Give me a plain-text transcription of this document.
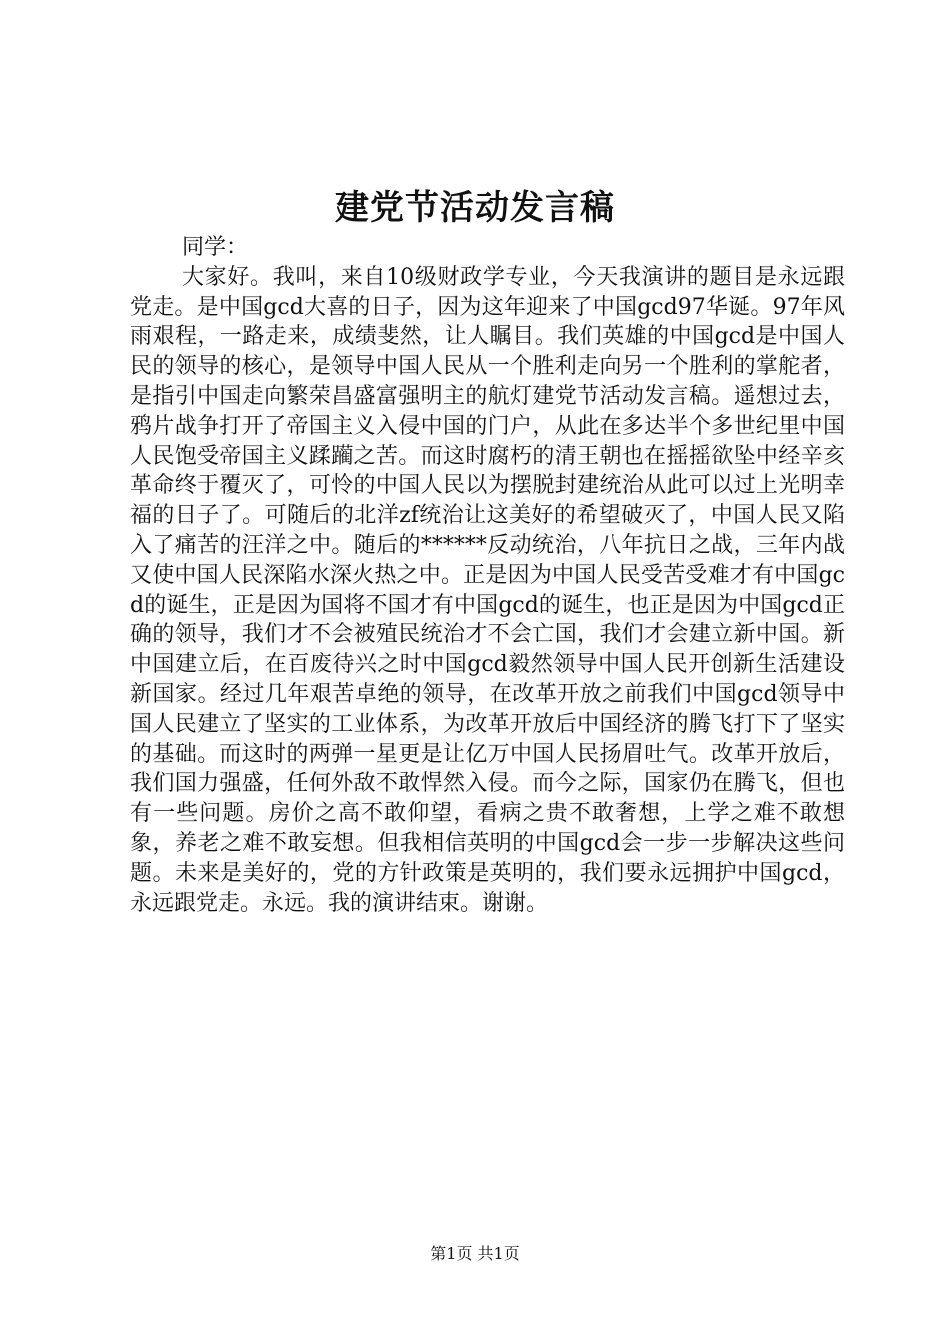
建党节活动发言稿

同学：

大家好。我叫，来自10级财政学专业，今天我演讲的题目是永远跟党走。是中国gcd大喜的日子，因为这年迎来了中国gcd97华诞。97年风雨艰程，一路走来，成绩斐然，让人瞩目。我们英雄的中国gcd是中国人民的领导的核心，是领导中国人民从一个胜利走向另一个胜利的掌舵者，是指引中国走向繁荣昌盛富强明主的航灯建党节活动发言稿。遥想过去，鸦片战争打开了帝国主义入侵中国的门户，从此在多达半个多世纪里中国人民饱受帝国主义蹂躏之苦。而这时腐朽的清王朝也在摇摇欲坠中经辛亥革命终于覆灭了，可怜的中国人民以为摆脱封建统治从此可以过上光明幸福的日子了。可随后的北洋zf统治让这美好的希望破灭了，中国人民又陷入了痛苦的汪洋之中。随后的******反动统治，八年抗日之战，三年内战又使中国人民深陷水深火热之中。正是因为中国人民受苦受难才有中国gcd的诞生，正是因为国将不国才有中国gcd的诞生，也正是因为中国gcd正确的领导，我们才不会被殖民统治才不会亡国，我们才会建立新中国。新中国建立后，在百废待兴之时中国gcd毅然领导中国人民开创新生活建设新国家。经过几年艰苦卓绝的领导，在改革开放之前我们中国gcd领导中国人民建立了坚实的工业体系，为改革开放后中国经济的腾飞打下了坚实的基础。而这时的两弹一星更是让亿万中国人民扬眉吐气。改革开放后，我们国力强盛，任何外敌不敢悍然入侵。而今之际，国家仍在腾飞，但也有一些问题。房价之高不敢仰望，看病之贵不敢奢想，上学之难不敢想象，养老之难不敢妄想。但我相信英明的中国gcd会一步一步解决这些问题。未来是美好的，党的方针政策是英明的，我们要永远拥护中国gcd，永远跟党走。永远。我的演讲结束。谢谢。

第1页 共1页
